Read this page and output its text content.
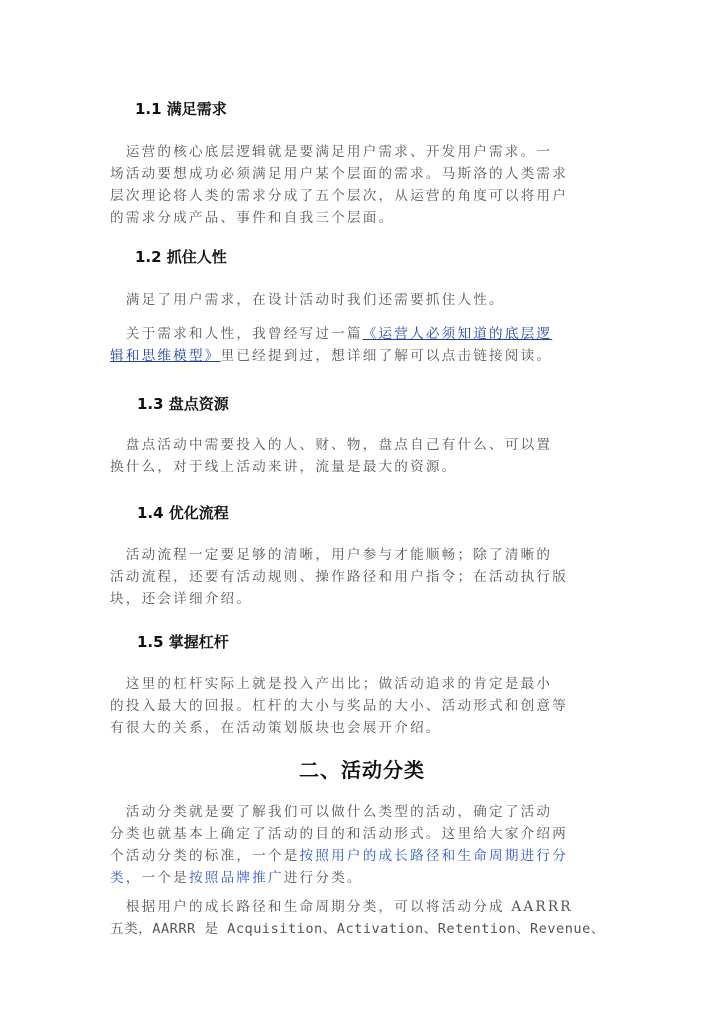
1.1 满足需求

　运营的核心底层逻辑就是要满足用户需求、开发用户需求。一
场活动要想成功必须满足用户某个层面的需求。马斯洛的人类需求
层次理论将人类的需求分成了五个层次，从运营的角度可以将用户
的需求分成产品、事件和自我三个层面。

1.2 抓住人性

　满足了用户需求，在设计活动时我们还需要抓住人性。

　关于需求和人性，我曾经写过一篇《运营人必须知道的底层逻
辑和思维模型》里已经提到过，想详细了解可以点击链接阅读。

1.3 盘点资源

　盘点活动中需要投入的人、财、物，盘点自己有什么、可以置
换什么，对于线上活动来讲，流量是最大的资源。

1.4 优化流程

　活动流程一定要足够的清晰，用户参与才能顺畅；除了清晰的
活动流程，还要有活动规则、操作路径和用户指令；在活动执行版
块，还会详细介绍。

1.5 掌握杠杆

　这里的杠杆实际上就是投入产出比；做活动追求的肯定是最小
的投入最大的回报。杠杆的大小与奖品的大小、活动形式和创意等
有很大的关系，在活动策划版块也会展开介绍。

二、活动分类

　活动分类就是要了解我们可以做什么类型的活动，确定了活动
分类也就基本上确定了活动的目的和活动形式。这里给大家介绍两
个活动分类的标准，一个是按照用户的成长路径和生命周期进行分
类，一个是按照品牌推广进行分类。

　根据用户的成长路径和生命周期分类，可以将活动分成 AARRR
五类，AARRR 是 Acquisition、Activation、Retention、Revenue、
